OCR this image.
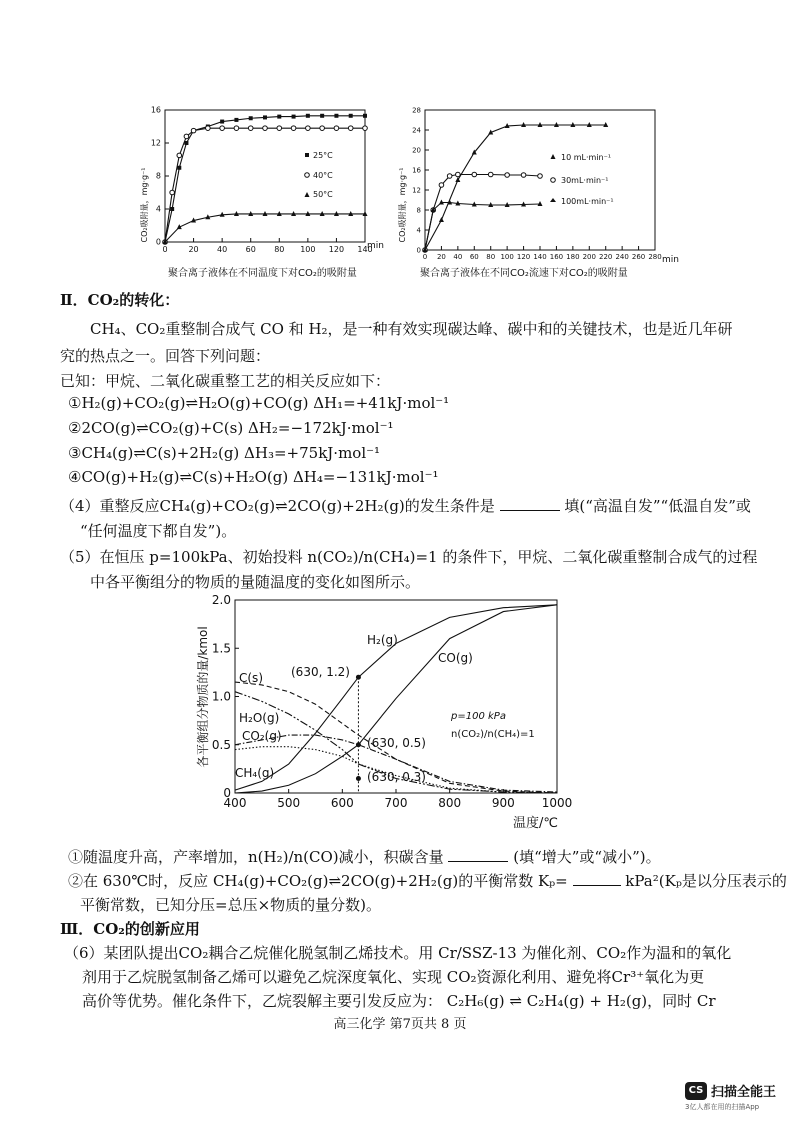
0	20 40 60 80 100 120 140
0
4
8
12
16
CO₂吸附量，mg·g⁻¹
min
25°C
40°C
50°C
聚合离子液体在不同温度下对CO₂的吸附量
0 20 40 60 80 100 120 140 160 180 200 220 240 260 280
0
4
8
12
16
20
24
28
CO₂吸附量，mg·g⁻¹
min
10 mL·min⁻¹
30mL·min⁻¹
100mL·min⁻¹
聚合离子液体在不同CO₂流速下对CO₂的吸附量
Ⅱ．CO₂的转化：
CH₄、CO₂重整制合成气 CO 和 H₂，是一种有效实现碳达峰、碳中和的关键技术，也是近几年研
究的热点之一。回答下列问题：
已知：甲烷、二氧化碳重整工艺的相关反应如下：
①H₂(g)+CO₂(g)⇌H₂O(g)+CO(g) ΔH₁=+41kJ·mol⁻¹
②2CO(g)⇌CO₂(g)+C(s) ΔH₂=−172kJ·mol⁻¹
③CH₄(g)⇌C(s)+2H₂(g) ΔH₃=+75kJ·mol⁻¹
④CO(g)+H₂(g)⇌C(s)+H₂O(g) ΔH₄=−131kJ·mol⁻¹
（4）重整反应CH₄(g)+CO₂(g)⇌2CO(g)+2H₂(g)的发生条件是	填(“高温自发”“低温自发”或
“任何温度下都自发”)。
（5）在恒压 p=100kPa、初始投料 n(CO₂)/n(CH₄)=1 的条件下，甲烷、二氧化碳重整制合成气的过程
中各平衡组分的物质的量随温度的变化如图所示。
400	500	600	700	800	900 1000
0
0.5
1.0
1.5
2.0
各平衡组分物质的量/kmol
温度/℃
H₂(g)
CO(g)
C(s)
H₂O(g)
CO₂(g)
CH₄(g)
(630, 1.2)
(630, 0.5)
(630, 0.3)
p=100 kPa
n(CO₂)/n(CH₄)=1
①随温度升高，产率增加，n(H₂)/n(CO)减小，积碳含量	(填“增大”或“减小”)。
②在 630℃时，反应 CH₄(g)+CO₂(g)⇌2CO(g)+2H₂(g)的平衡常数 Kₚ=	kPa²(Kₚ是以分压表示的
平衡常数，已知分压=总压×物质的量分数)。
Ⅲ．CO₂的创新应用
（6）某团队提出CO₂耦合乙烷催化脱氢制乙烯技术。用 Cr/SSZ-13 为催化剂、CO₂作为温和的氧化
剂用于乙烷脱氢制备乙烯可以避免乙烷深度氧化、实现 CO₂资源化利用、避免将Cr³⁺氧化为更
高价等优势。催化条件下，乙烷裂解主要引发反应为： C₂H₆(g) ⇌ C₂H₄(g) + H₂(g)，同时 Cr
高三化学 第7页共 8 页
CS 扫描全能王
3亿人都在用的扫描App
